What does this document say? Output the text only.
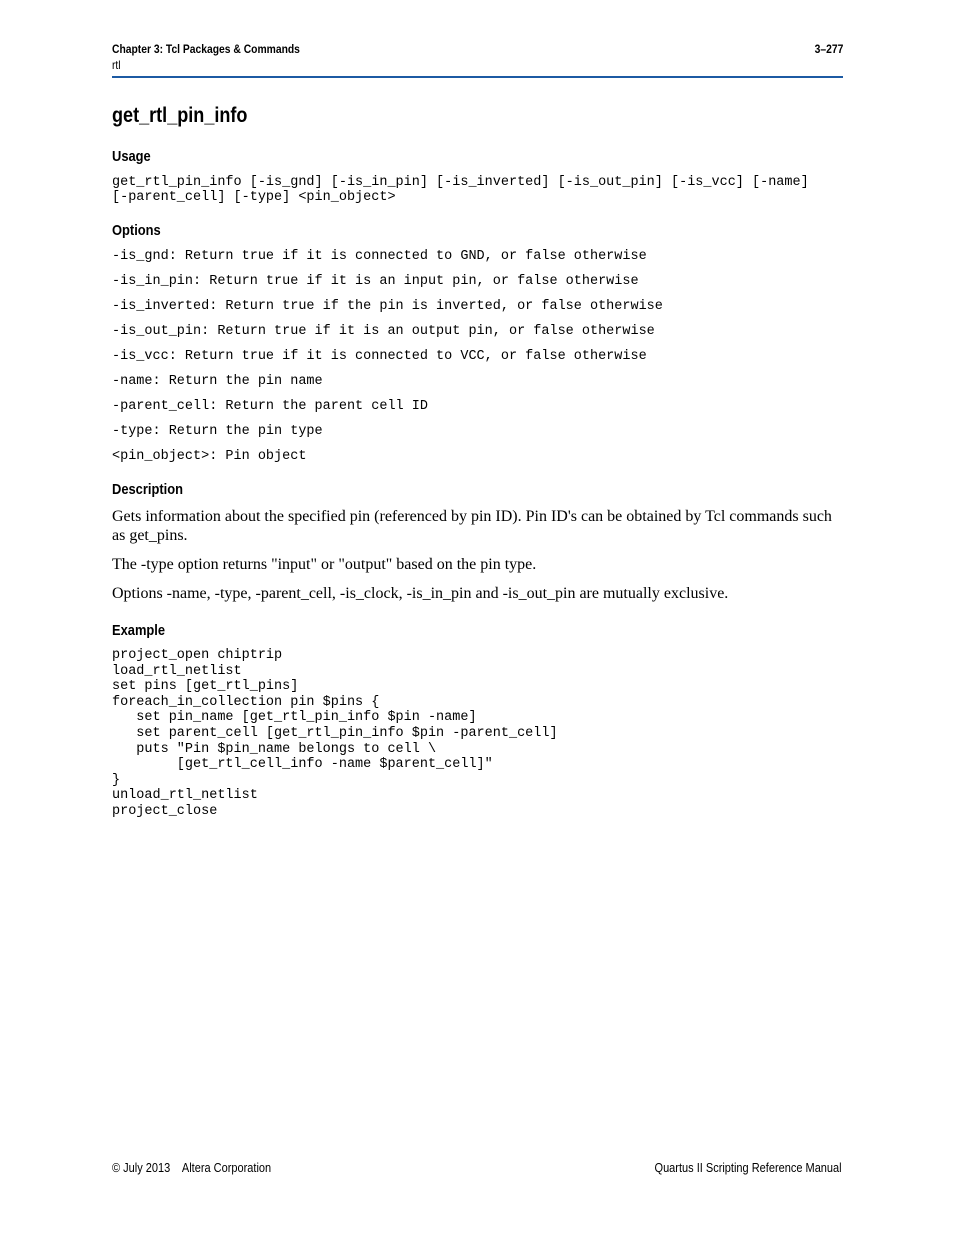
Chapter 3: Tcl Packages & Commands	3–277
rtl
get_rtl_pin_info
Usage
get_rtl_pin_info [-is_gnd] [-is_in_pin] [-is_inverted] [-is_out_pin] [-is_vcc] [-name]
[-parent_cell] [-type] <pin_object>
Options
-is_gnd: Return true if it is connected to GND, or false otherwise
-is_in_pin: Return true if it is an input pin, or false otherwise
-is_inverted: Return true if the pin is inverted, or false otherwise
-is_out_pin: Return true if it is an output pin, or false otherwise
-is_vcc: Return true if it is connected to VCC, or false otherwise
-name: Return the pin name
-parent_cell: Return the parent cell ID
-type: Return the pin type
<pin_object>: Pin object
Description

Gets information about the specified pin (referenced by pin ID). Pin ID's can be obtained by Tcl commands such as get_pins.

The -type option returns "input" or "output" based on the pin type.

Options -name, -type, -parent_cell, -is_clock, -is_in_pin and -is_out_pin are mutually exclusive.

Example
project_open chiptrip
load_rtl_netlist
set pins [get_rtl_pins]
foreach_in_collection pin $pins {
set pin_name [get_rtl_pin_info $pin -name]
set parent_cell [get_rtl_pin_info $pin -parent_cell]
puts "Pin $pin_name belongs to cell \
[get_rtl_cell_info -name $parent_cell]"
}
unload_rtl_netlist
project_close
© July 2013 Altera Corporation	Quartus II Scripting Reference Manual
